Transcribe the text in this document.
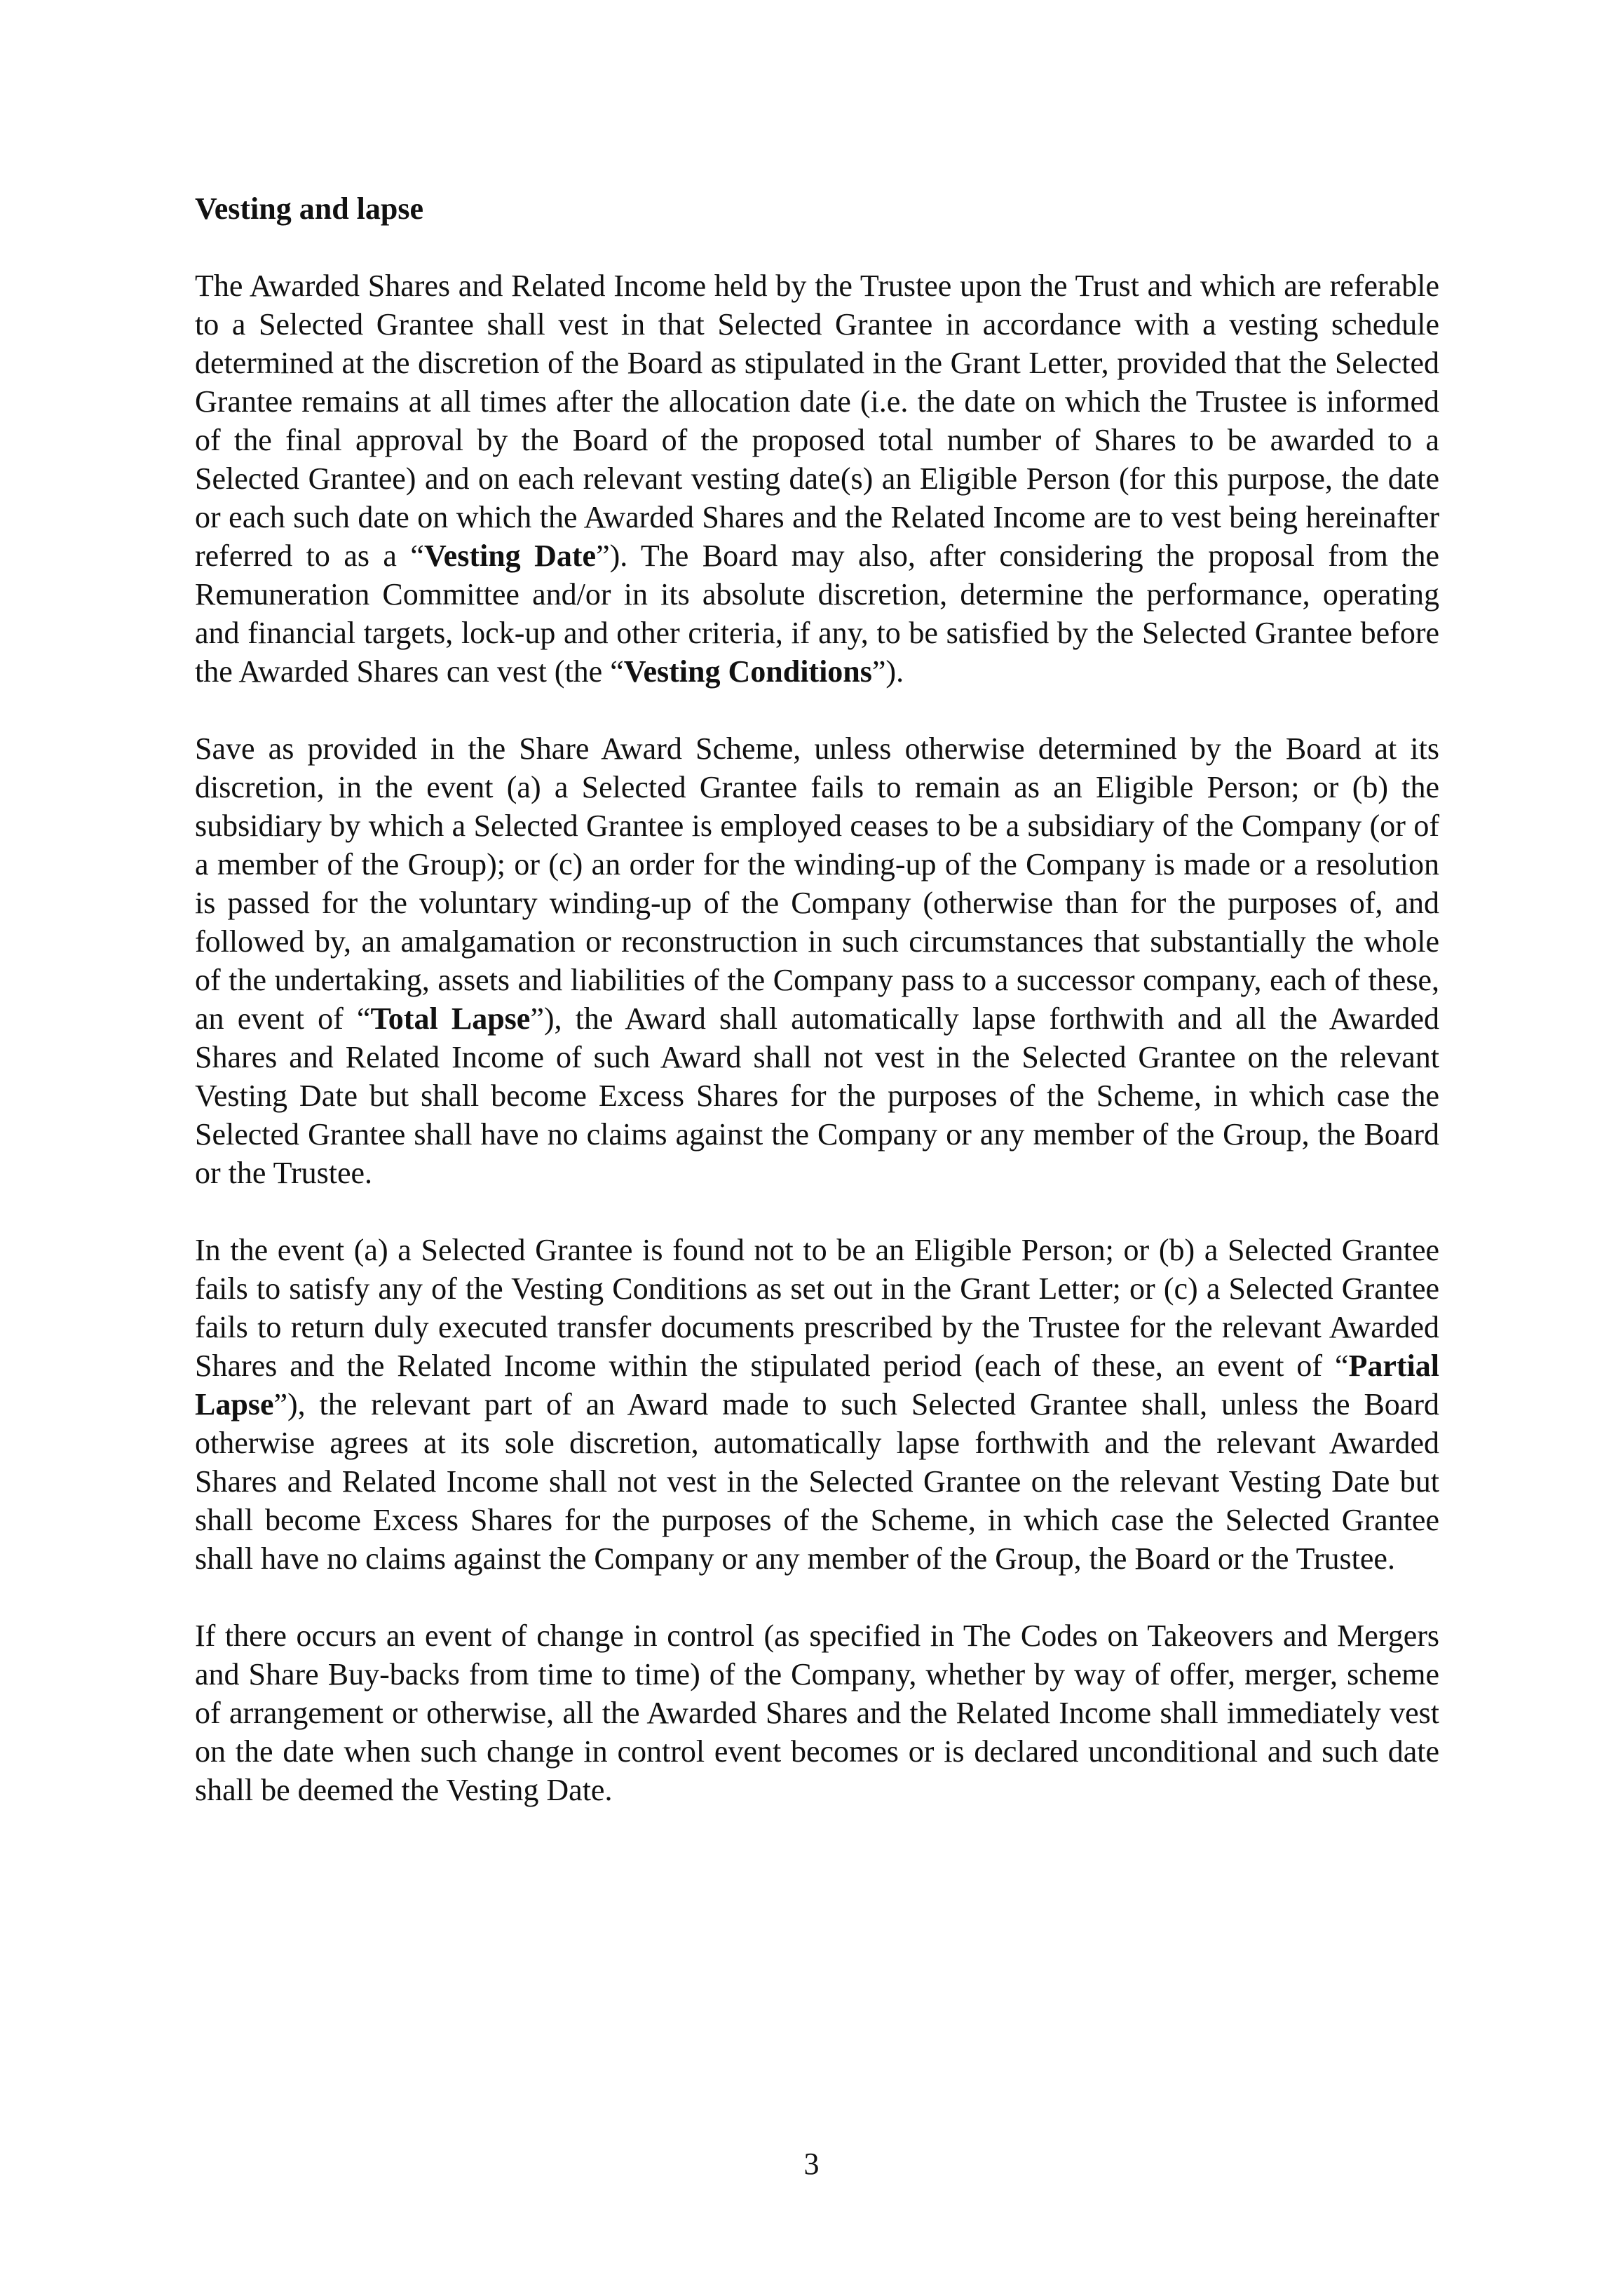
Vesting and lapse

The Awarded Shares and Related Income held by the Trustee upon the Trust and which are referable to a Selected Grantee shall vest in that Selected Grantee in accordance with a vesting schedule determined at the discretion of the Board as stipulated in the Grant Letter, provided that the Selected Grantee remains at all times after the allocation date (i.e. the date on which the Trustee is informed of the final approval by the Board of the proposed total number of Shares to be awarded to a Selected Grantee) and on each relevant vesting date(s) an Eligible Person (for this purpose, the date or each such date on which the Awarded Shares and the Related Income are to vest being hereinafter referred to as a “Vesting Date”). The Board may also, after considering the proposal from the Remuneration Committee and/or in its absolute discretion, determine the performance, operating and financial targets, lock-up and other criteria, if any, to be satisfied by the Selected Grantee before the Awarded Shares can vest (the “Vesting Conditions”).

Save as provided in the Share Award Scheme, unless otherwise determined by the Board at its discretion, in the event (a) a Selected Grantee fails to remain as an Eligible Person; or (b) the subsidiary by which a Selected Grantee is employed ceases to be a subsidiary of the Company (or of a member of the Group); or (c) an order for the winding-up of the Company is made or a resolution is passed for the voluntary winding-up of the Company (otherwise than for the purposes of, and followed by, an amalgamation or reconstruction in such circumstances that substantially the whole of the undertaking, assets and liabilities of the Company pass to a successor company, each of these, an event of “Total Lapse”), the Award shall automatically lapse forthwith and all the Awarded Shares and Related Income of such Award shall not vest in the Selected Grantee on the relevant Vesting Date but shall become Excess Shares for the purposes of the Scheme, in which case the Selected Grantee shall have no claims against the Company or any member of the Group, the Board or the Trustee.

In the event (a) a Selected Grantee is found not to be an Eligible Person; or (b) a Selected Grantee fails to satisfy any of the Vesting Conditions as set out in the Grant Letter; or (c) a Selected Grantee fails to return duly executed transfer documents prescribed by the Trustee for the relevant Awarded Shares and the Related Income within the stipulated period (each of these, an event of “Partial Lapse”), the relevant part of an Award made to such Selected Grantee shall, unless the Board otherwise agrees at its sole discretion, automatically lapse forthwith and the relevant Awarded Shares and Related Income shall not vest in the Selected Grantee on the relevant Vesting Date but shall become Excess Shares for the purposes of the Scheme, in which case the Selected Grantee shall have no claims against the Company or any member of the Group, the Board or the Trustee.

If there occurs an event of change in control (as specified in The Codes on Takeovers and Mergers and Share Buy-backs from time to time) of the Company, whether by way of offer, merger, scheme of arrangement or otherwise, all the Awarded Shares and the Related Income shall immediately vest on the date when such change in control event becomes or is declared unconditional and such date shall be deemed the Vesting Date.

3
